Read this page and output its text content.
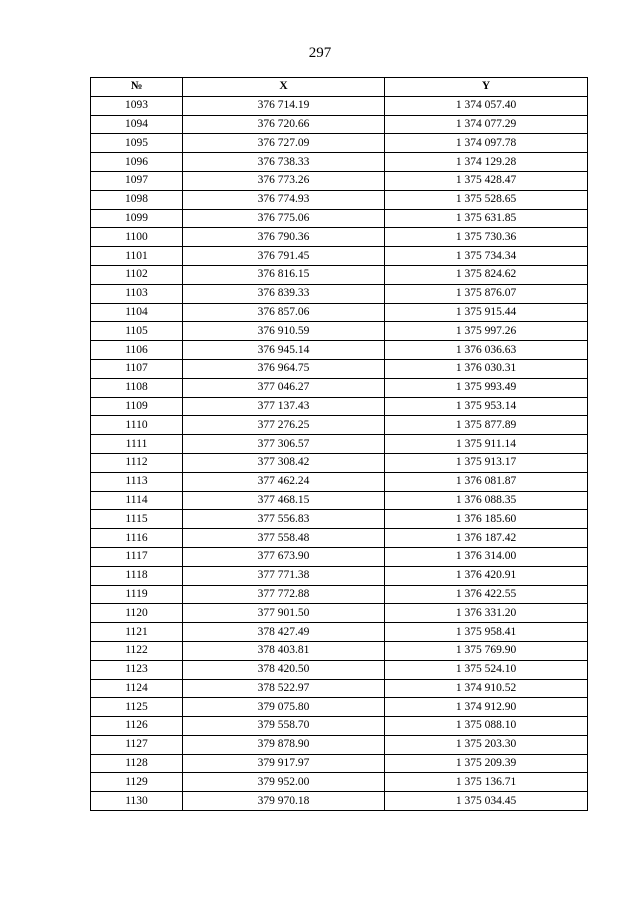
297
№	X	Y
1093	376 714.19	1 374 057.40
1094	376 720.66	1 374 077.29
1095	376 727.09	1 374 097.78
1096	376 738.33	1 374 129.28
1097	376 773.26	1 375 428.47
1098	376 774.93	1 375 528.65
1099	376 775.06	1 375 631.85
1100	376 790.36	1 375 730.36
1101	376 791.45	1 375 734.34
1102	376 816.15	1 375 824.62
1103	376 839.33	1 375 876.07
1104	376 857.06	1 375 915.44
1105	376 910.59	1 375 997.26
1106	376 945.14	1 376 036.63
1107	376 964.75	1 376 030.31
1108	377 046.27	1 375 993.49
1109	377 137.43	1 375 953.14
1110	377 276.25	1 375 877.89
1111	377 306.57	1 375 911.14
1112	377 308.42	1 375 913.17
1113	377 462.24	1 376 081.87
1114	377 468.15	1 376 088.35
1115	377 556.83	1 376 185.60
1116	377 558.48	1 376 187.42
1117	377 673.90	1 376 314.00
1118	377 771.38	1 376 420.91
1119	377 772.88	1 376 422.55
1120	377 901.50	1 376 331.20
1121	378 427.49	1 375 958.41
1122	378 403.81	1 375 769.90
1123	378 420.50	1 375 524.10
1124	378 522.97	1 374 910.52
1125	379 075.80	1 374 912.90
1126	379 558.70	1 375 088.10
1127	379 878.90	1 375 203.30
1128	379 917.97	1 375 209.39
1129	379 952.00	1 375 136.71
1130	379 970.18	1 375 034.45
